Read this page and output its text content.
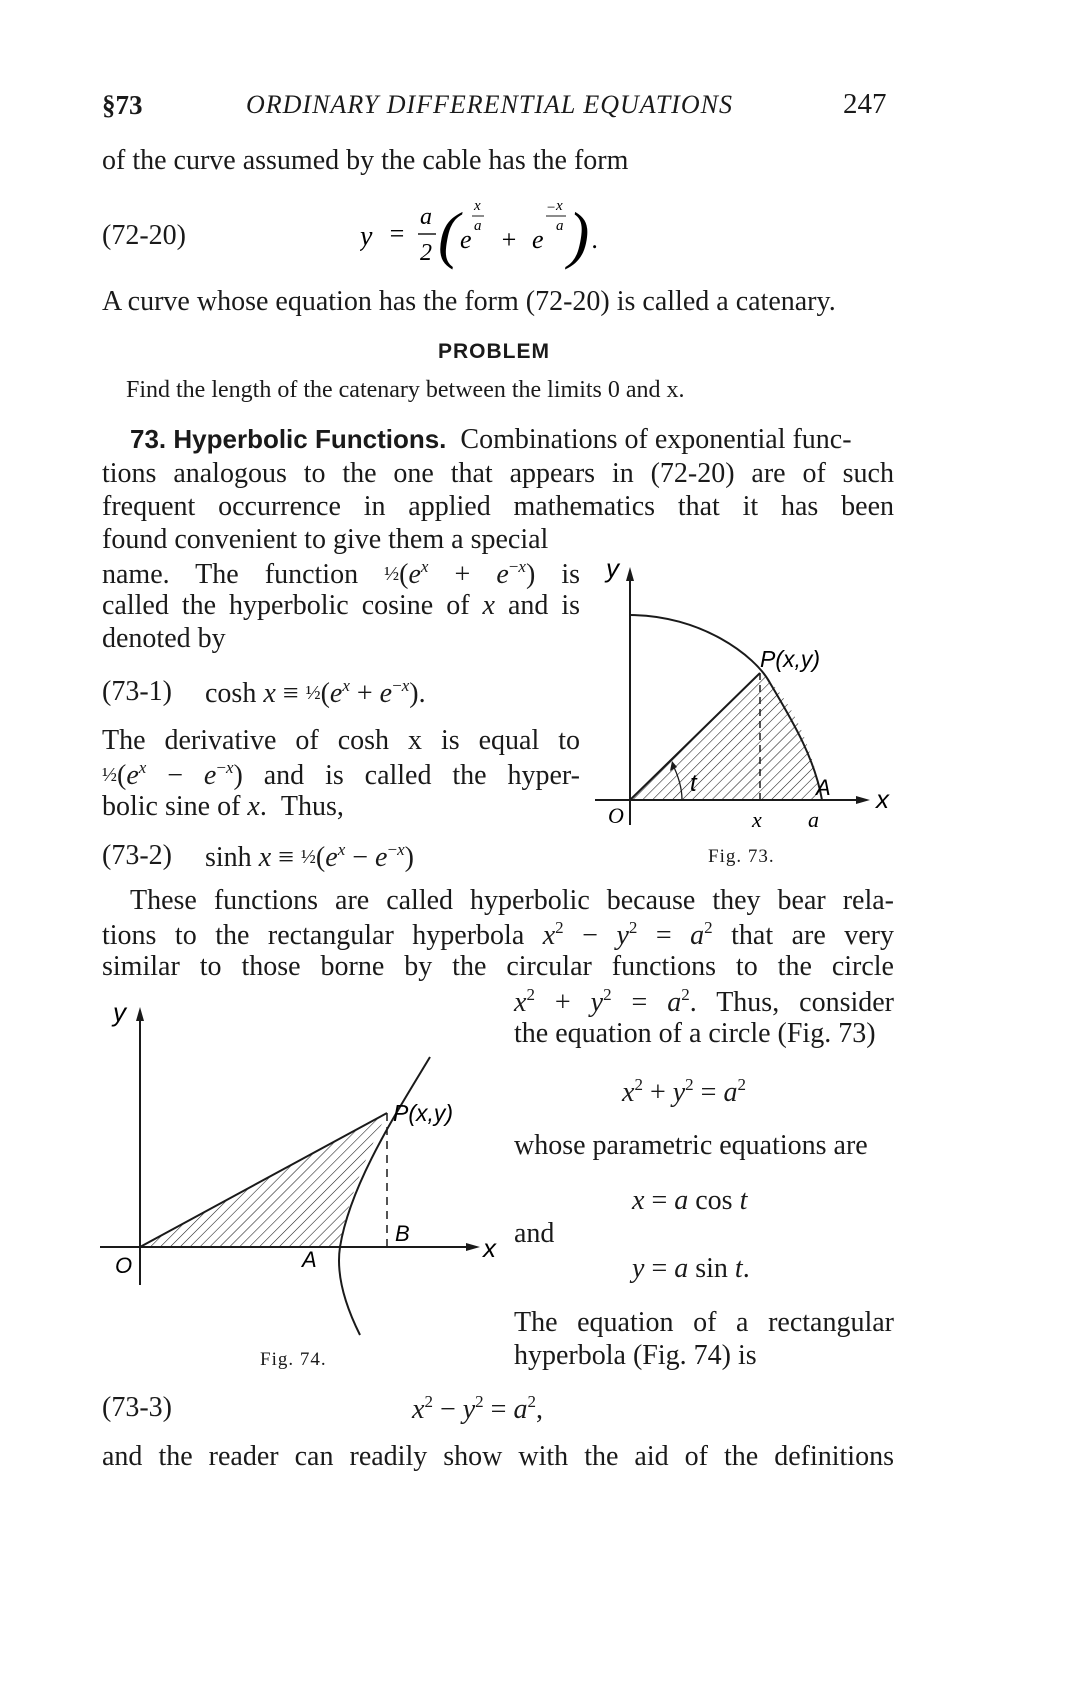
§73	ORDINARY DIFFERENTIAL EQUATIONS	247
of the curve assumed by the cable has the form
(72-20)	y =
a
2 ( e
x
a + e
− x
a ) .
A curve whose equation has the form (72-20) is called a catenary.
PROBLEM
Find the length of the catenary between the limits 0 and x.
73. Hyperbolic Functions. Combinations of exponential func-
tions analogous to the one that appears in (72-20) are of such
frequent occurrence in applied mathematics that it has been
found convenient to give them a special
name. The function $\frac{1}{2}(e^x + e^{-x})$ is
called the hyperbolic cosine of x and is
denoted by
(73-1) $\cosh x \equiv \frac{1}{2}(e^x + e^{-x})$.
The derivative of cosh x is equal to
$\frac{1}{2}(e^x - e^{-x})$ and is called the hyper-
bolic sine of x.  Thus,
(73-2) $\sinh x \equiv \frac{1}{2}(e^x - e^{-x})$
y
x
O
P(x,y)
x a
A
t
Fig. 73.
These functions are called hyperbolic because they bear rela-
tions to the rectangular hyperbola $x^2 - y^2 = a^2$ that are very
similar to those borne by the circular functions to the circle
$x^2 + y^2 = a^2$. Thus, consider
the equation of a circle (Fig. 73)
$x^2 + y^2 = a^2$
whose parametric equations are
x = a cos t
and
y = a sin t.
The equation of a rectangular
hyperbola (Fig. 74) is
y
x
O
P(x,y)
A
B
Fig. 74.
(73-3)	$x^2 - y^2 = a^2$,
and the reader can readily show with the aid of the definitions
